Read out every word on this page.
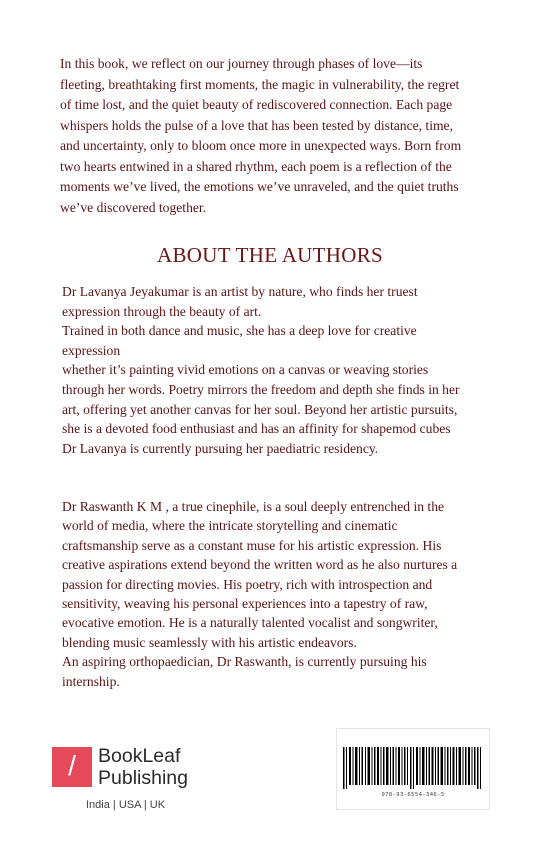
In this book, we reflect on our journey through phases of love—its fleeting, breathtaking first moments, the magic in vulnerability, the regret of time lost, and the quiet beauty of rediscovered connection. Each page whispers holds the pulse of a love that has been tested by distance, time, and uncertainty, only to bloom once more in unexpected ways. Born from two hearts entwined in a shared rhythm, each poem is a reflection of the moments we’ve lived, the emotions we’ve unraveled, and the quiet truths we’ve discovered together.
ABOUT THE AUTHORS

Dr Lavanya Jeyakumar is an artist by nature, who finds her truest expression through the beauty of art.

Trained in both dance and music, she has a deep love for creative expression

whether it’s painting vivid emotions on a canvas or weaving stories through her words. Poetry mirrors the freedom and depth she finds in her art, offering yet another canvas for her soul. Beyond her artistic pursuits, she is a devoted food enthusiast and has an affinity for shapemod cubes

Dr Lavanya is currently pursuing her paediatric residency.

Dr Raswanth K M , a true cinephile, is a soul deeply entrenched in the world of media, where the intricate storytelling and cinematic craftsmanship serve as a constant muse for his artistic expression. His creative aspirations extend beyond the written word as he also nurtures a passion for directing movies. His poetry, rich with introspection and sensitivity, weaving his personal experiences into a tapestry of raw, evocative emotion. He is a naturally talented vocalist and songwriter, blending music seamlessly with his artistic endeavors.

An aspiring orthopaedician, Dr Raswanth, is currently pursuing his internship.

/ BookLeaf
Publishing
India | USA | UK
978-93-6554-346-5
